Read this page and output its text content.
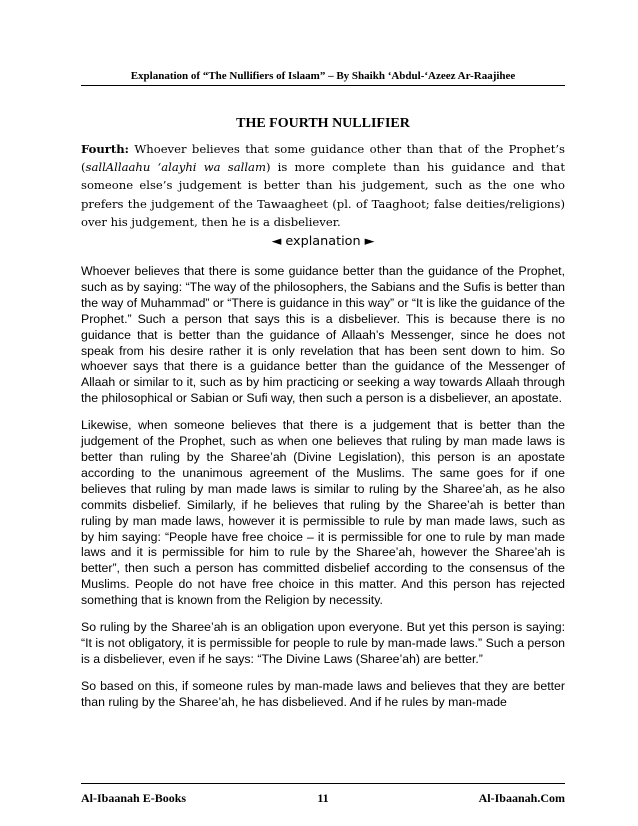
Explanation of “The Nullifiers of Islaam” – By Shaikh ‘Abdul-‘Azeez Ar-Raajihee
THE FOURTH NULLIFIER
Fourth: Whoever believes that some guidance other than that of the Prophet’s (sallAllaahu ‘alayhi wa sallam) is more complete than his guidance and that someone else’s judgement is better than his judgement, such as the one who prefers the judgement of the Tawaagheet (pl. of Taaghoot; false deities/religions) over his judgement, then he is a disbeliever.
◄ explanation ►

Whoever believes that there is some guidance better than the guidance of the Prophet, such as by saying: “The way of the philosophers, the Sabians and the Sufis is better than the way of Muhammad” or “There is guidance in this way” or “It is like the guidance of the Prophet.” Such a person that says this is a disbeliever. This is because there is no guidance that is better than the guidance of Allaah’s Messenger, since he does not speak from his desire rather it is only revelation that has been sent down to him. So whoever says that there is a guidance better than the guidance of the Messenger of Allaah or similar to it, such as by him practicing or seeking a way towards Allaah through the philosophical or Sabian or Sufi way, then such a person is a disbeliever, an apostate.

Likewise, when someone believes that there is a judgement that is better than the judgement of the Prophet, such as when one believes that ruling by man made laws is better than ruling by the Sharee’ah (Divine Legislation), this person is an apostate according to the unanimous agreement of the Muslims. The same goes for if one believes that ruling by man made laws is similar to ruling by the Sharee’ah, as he also commits disbelief. Similarly, if he believes that ruling by the Sharee’ah is better than ruling by man made laws, however it is permissible to rule by man made laws, such as by him saying: “People have free choice – it is permissible for one to rule by man made laws and it is permissible for him to rule by the Sharee’ah, however the Sharee’ah is better”, then such a person has committed disbelief according to the consensus of the Muslims. People do not have free choice in this matter. And this person has rejected something that is known from the Religion by necessity.

So ruling by the Sharee’ah is an obligation upon everyone. But yet this person is saying: “It is not obligatory, it is permissible for people to rule by man-made laws.” Such a person is a disbeliever, even if he says: “The Divine Laws (Sharee’ah) are better.”

So based on this, if someone rules by man-made laws and believes that they are better than ruling by the Sharee’ah, he has disbelieved. And if he rules by man-made

Al-Ibaanah E-Books	11	Al-Ibaanah.Com
